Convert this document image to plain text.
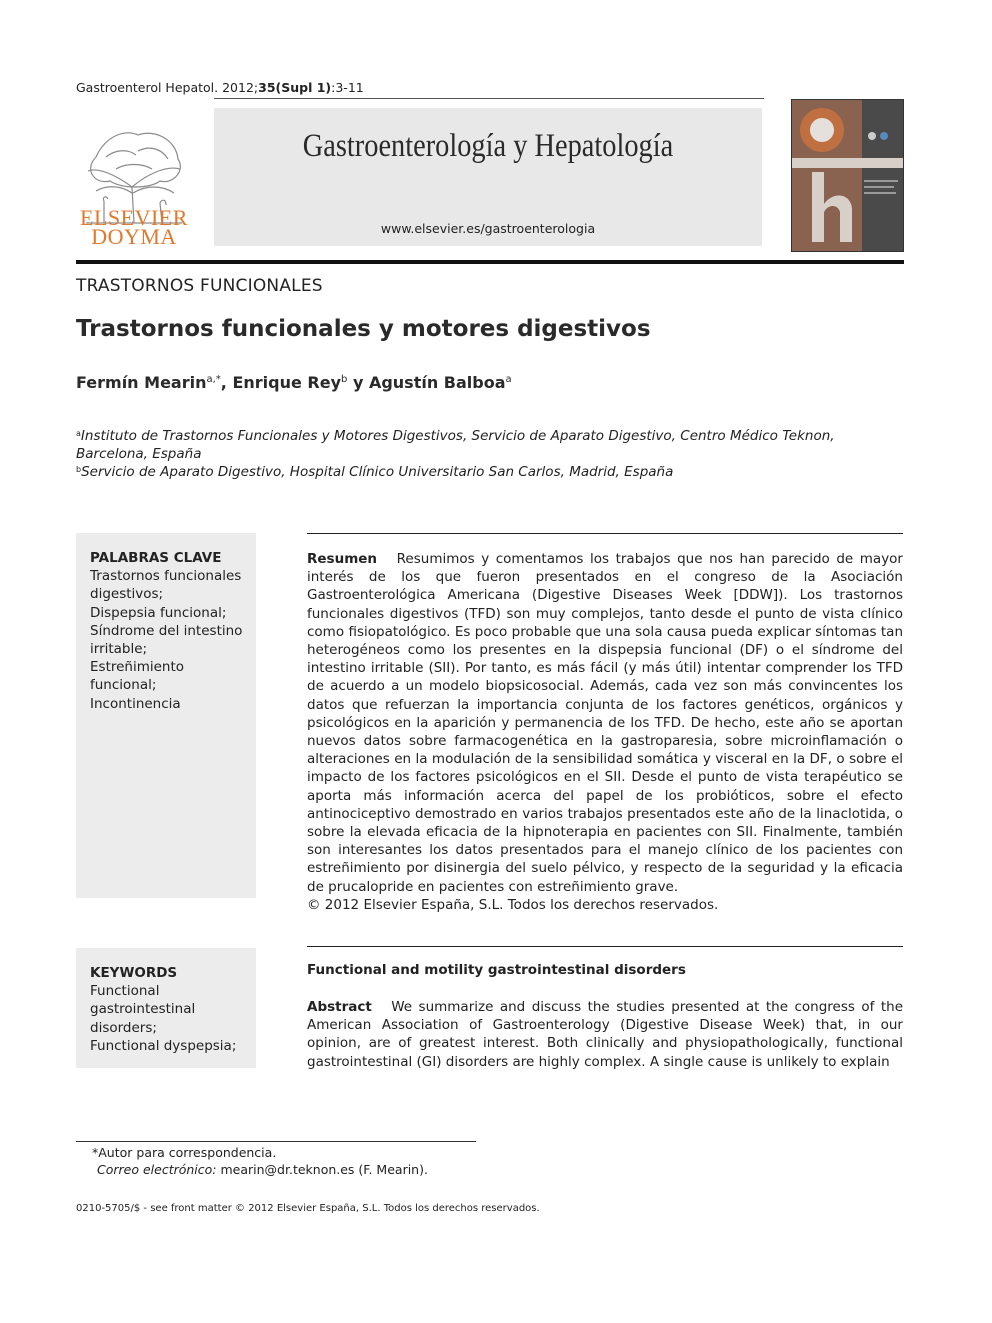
Gastroenterol Hepatol. 2012;35(Supl 1):3-11
ELSEVIER
DOYMA
Gastroenterología y Hepatología
www.elsevier.es/gastroenterologia
TRASTORNOS FUNCIONALES
Trastornos funcionales y motores digestivos
Fermín Mearin$^{a,*}$, Enrique Rey$^b$ y Agustín Balboa$^a$
$^a$Instituto de Trastornos Funcionales y Motores Digestivos, Servicio de Aparato Digestivo, Centro Médico Teknon,
Barcelona, España
$^b$Servicio de Aparato Digestivo, Hospital Clínico Universitario San Carlos, Madrid, España
PALABRAS CLAVE
Trastornos funcionales
digestivos;
Dispepsia funcional;
Síndrome del intestino
irritable;
Estreñimiento
funcional;
Incontinencia
Resumen Resumimos y comentamos los trabajos que nos han parecido de mayor interés de los que fueron presentados en el congreso de la Asociación Gastroenterológica Americana (Digestive Diseases Week [DDW]). Los trastornos funcionales digestivos (TFD) son muy complejos, tanto desde el punto de vista clínico como fisiopatológico. Es poco probable que una sola causa pueda explicar síntomas tan heterogéneos como los presentes en la dispepsia funcional (DF) o el síndrome del intestino irritable (SII). Por tanto, es más fácil (y más útil) intentar comprender los TFD de acuerdo a un modelo biopsicosocial. Además, cada vez son más convincentes los datos que refuerzan la importancia conjunta de los factores genéticos, orgánicos y psicológicos en la aparición y permanencia de los TFD. De hecho, este año se aportan nuevos datos sobre farmacogenética en la gastroparesia, sobre microinflamación o alteraciones en la modulación de la sensibilidad somática y visceral en la DF, o sobre el impacto de los factores psicológicos en el SII. Desde el punto de vista terapéutico se aporta más información acerca del papel de los probióticos, sobre el efecto antinociceptivo demostrado en varios trabajos presentados este año de la linaclotida, o sobre la elevada eficacia de la hipnoterapia en pacientes con SII. Finalmente, también son interesantes los datos presentados para el manejo clínico de los pacientes con estreñimiento por disinergia del suelo pélvico, y respecto de la seguridad y la eficacia de prucalopride en pacientes con estreñimiento grave.
© 2012 Elsevier España, S.L. Todos los derechos reservados.
KEYWORDS
Functional
gastrointestinal
disorders;
Functional dyspepsia;
Functional and motility gastrointestinal disorders
Abstract We summarize and discuss the studies presented at the congress of the American Association of Gastroenterology (Digestive Disease Week) that, in our opinion, are of greatest interest. Both clinically and physiopathologically, functional gastrointestinal (GI) disorders are highly complex. A single cause is unlikely to explain
*Autor para correspondencia.
Correo electrónico: mearin@dr.teknon.es (F. Mearin).
0210-5705/$ - see front matter © 2012 Elsevier España, S.L. Todos los derechos reservados.
